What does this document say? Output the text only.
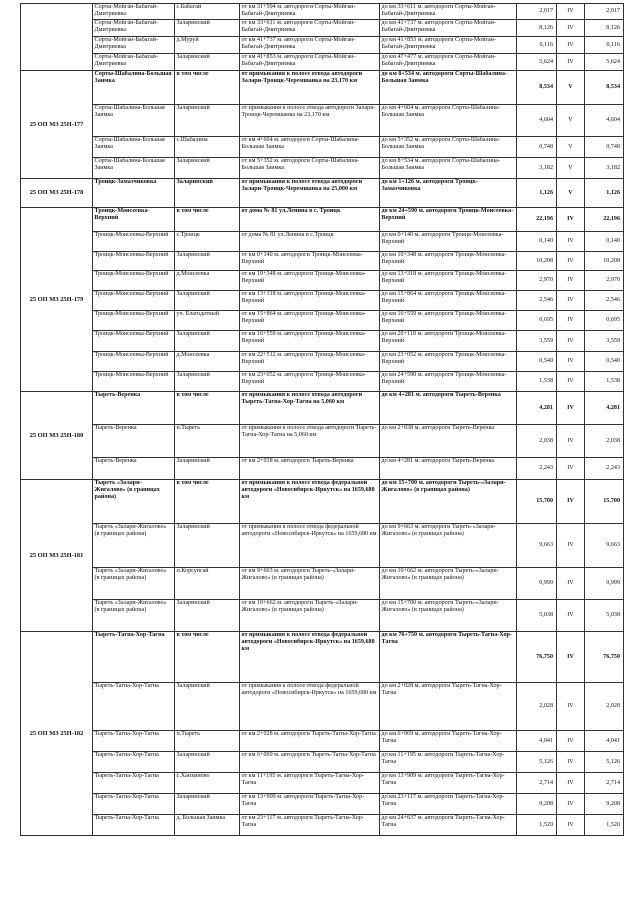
	Сорты-Мойган-Бабагай-Дмитриевка	с.Бабагай	от км 31+594 м. автодороги Сорты-Мойган-Бабагай-Дмитриевка	до км 33+611 м. автодороги Сорты-Мойган-Бабагай-Дмитриевка	2,017	IV	2,017
	Сорты-Мойган-Бабагай-Дмитриевка	Заларинский	от км 33+611 м. автодороги Сорты-Мойган-Бабагай-Дмитриевка	до км 41+737 м. автодороги Сорты-Мойган-Бабагай-Дмитриевка	8,126	IV	8,126
	Сорты-Мойган-Бабагай-Дмитриевка	д.Муруй	от км 41+737 м. автодороги Сорты-Мойган-Бабагай-Дмитриевка	до км 41+853 м. автодороги Сорты-Мойган-Бабагай-Дмитриевка	0,116	IV	0,116
	Сорты-Мойган-Бабагай-Дмитриевка	Заларинский	от км 41+853 м. автодороги Сорты-Мойган-Бабагай-Дмитриевка	до км 47+477 м. автодороги Сорты-Мойган-Бабагай-Дмитриевка	5,624	IV	5,624
25 ОП МЗ 25Н-177	Сорты-Шабалина-Большая Заимка	в том числе	от примыкания к полосе отвода автодороги Залари-Троицк-Черемшанка на 23,170 км	до км 8+534 м. автодороги Сорты-Шабалина-Большая Заимка	8,534	V	8,534
	Сорты-Шабалина-Большая Заимка	Заларинский	от примыкания к полосе отвода автодороги Залари-Троицк-Черемшанка на 23,170 км	до км 4+604 м. автодороги Сорты-Шабалина-Большая Заимка	4,604	V	4,604
	Сорты-Шабалина-Большая Заимка	с.Шабалина	от км 4+604 м. автодороги Сорты-Шабалина-Большая Заимка	до км 5+352 м. автодороги Сорты-Шабалина-Большая Заимка	0,748	V	0,748
	Сорты-Шабалина-Большая Заимка	Заларинский	от км 5+352 м. автодороги Сорты-Шабалина-Большая Заимка	до км 8+534 м. автодороги Сорты-Шабалина-Большая Заимка	3,182	V	3,182
25 ОП МЗ 25Н-178	Троицк-Замаэчиковка	Заларинский	от примыкания к полосе отвода автодороги Залари-Троицк-Черемшанка на 25,000 км	до км 1+126 м. автодороги Троицк-Замаэчиковка	1,126	V	1,126
25 ОП МЗ 25Н-179	Троицк-Моисеевка-Верхний	в том числе	от дома № 81 ул.Ленина в с. Троицк	до км 24+590 м. автодороги Троицк-Моисеевка-Верхний	22,196	IV	22,196
	Троицк-Моисеевка-Верхний	с.Троицк	от дома № 81 ул.Ленина в с.Троицк	до км 0+140 м. автодороги Троицк-Моисеевка-Верхний	0,140	IV	0,140
	Троицк-Моисеевка-Верхний	Заларинский	от км 0+140 м. автодороги Троицк-Моисеевка-Верхний	до км 10+348 м. автодороги Троицк-Моисеевка-Верхний	10,208	IV	10,208
	Троицк-Моисеевка-Верхний	д.Моисеевка	от км 10+348 м. автодороги Троицк-Моисеевка-Верхний	до км 13+318 м. автодороги Троицк-Моисеевка-Верхний	2,970	IV	2,970
	Троицк-Моисеевка-Верхний	Заларинский	от км 13+318 м. автодороги Троицк-Моисеевка-Верхний	до км 15+864 м. автодороги Троицк-Моисеевка-Верхний	2,546	IV	2,546
	Троицк-Моисеевка-Верхний	уч. Благодатный	от км 15+864 м. автодороги Троицк-Моисеевка-Верхний	до км 16+559 м. автодороги Троицк-Моисеевка-Верхний	0,695	IV	0,695
	Троицк-Моисеевка-Верхний	Заларинский	от км 16+559 м. автодороги Троицк-Моисеевка-Верхний	до км 20+118 м. автодороги Троицк-Моисеевка-Верхний	3,559	IV	3,559
	Троицк-Моисеевка-Верхний	д.Моисеевка	от км 22+512 м. автодороги Троицк-Моисеевка-Верхний	до км 23+052 м. автодороги Троицк-Моисеевка-Верхний	0,540	IV	0,540
	Троицк-Моисеевка-Верхний	Заларинский	от км 23+052 м. автодороги Троицк-Моисеевка-Верхний	до км 24+590 м. автодороги Троицк-Моисеевка-Верхний	1,538	IV	1,538
25 ОП МЗ 25Н-180	Тыреть-Веренка	в том числе	от примыкания к полосе отвода автодороги Тыреть-Тагна-Хор-Тагна на 5,060 км	до км 4+281 м. автодороги Тыреть-Веренка	4,281	IV	4,281
	Тыреть-Веренка	п.Тыреть	от примыкания к полосе отвода автодороги Тыреть-Тагна-Хор-Тагна на 5,060 км	до км 2+038 м. автодороги Тыреть-Веренка	2,038	IV	2,038
	Тыреть-Веренка	Заларинский	от км 2+038 м. автодороги Тыреть-Веренка	до км 4+281 м. автодороги Тыреть-Веренка	2,243	IV	2,243
25 ОП МЗ 25Н-181	Тыреть «Залари-Жигалово» (в границах района)	в том числе	от примыкания к полосе отвода федеральной автодороги «Новосибирск-Иркутск» на 1659,680 км	до км 15+700 м. автодороги Тыреть-«Залари-Жигалово» (в границах района)	15,700	IV	15,700
	Тыреть «Залари-Жигалово» (в границах района)	Заларинский	от примыкания к полосе отвода федеральной автодороги «Новосибирск-Иркутск» на 1659,680 км	до км 9+663 м. автодороги Тыреть-«Залари-Жигалово» (в границах района)	9,663	IV	9,663
	Тыреть «Залари-Жигалово» (в границах района)	п.Корсунгай	от км 9+663 м. автодороги Тыреть-«Залари-Жигалово» (в границах района)	до км 10+662 м. автодороги Тыреть-«Залари-Жигалово» (в границах района)	0,999	IV	0,999
	Тыреть «Залари-Жигалово» (в границах района)	Заларинский	от км 10+662 м. автодороги Тыреть-«Залари-Жигалово» (в границах района)	до км 15+700 м. автодороги Тыреть-«Залари-Жигалово» (в границах района)	5,038	IV	5,038
25 ОП МЗ 25Н-182	Тыреть-Тагна-Хор-Тагна	в том числе	от примыкания к полосе отвода федеральной автодороги «Новосибирск-Иркутск» на 1659,680 км	до км 76+750 м. автодороги Тыреть-Тагна-Хор-Тагна	76,750	IV	76,750
	Тыреть-Тагна-Хор-Тагна	Заларинский	от примыкания к полосе отвода федеральной автодороги «Новосибирск-Иркутск» на 1659,680 км	до км 2+028 м. автодороги Тыреть-Тагна-Хор-Тагна	2,028	IV	2,028
	Тыреть-Тагна-Хор-Тагна	п.Тыреть	от км 2+028 м. автодороги Тыреть-Тагна-Хор-Тагна	до км 6+069 м. автодороги Тыреть-Тагна-Хор-Тагна	4,041	IV	4,041
	Тыреть-Тагна-Хор-Тагна	Заларинский	от км 6+069 м. автодороги Тыреть-Тагна-Хор-Тагна	до км 11+195 м. автодороги Тыреть-Тагна-Хор-Тагна	5,126	IV	5,126
	Тыреть-Тагна-Хор-Тагна	с.Ханхиново	от км 11+195 м. автодороги Тыреть-Тагна-Хор-Тагна	до км 13+909 м. автодороги Тыреть-Тагна-Хор-Тагна	2,714	IV	2,714
	Тыреть-Тагна-Хор-Тагна	Заларинский	от км 13+909 м. автодороги Тыреть-Тагна-Хор-Тагна	до км 23+117 м. автодороги Тыреть-Тагна-Хор-Тагна	9,208	IV	9,208
	Тыреть-Тагна-Хор-Тагна	д. Большая Заимка	от км 23+117 м. автодороги Тыреть-Тагна-Хор-Тагна	до км 24+637 м. автодороги Тыреть-Тагна-Хор-Тагна	1,520	IV	1,520
